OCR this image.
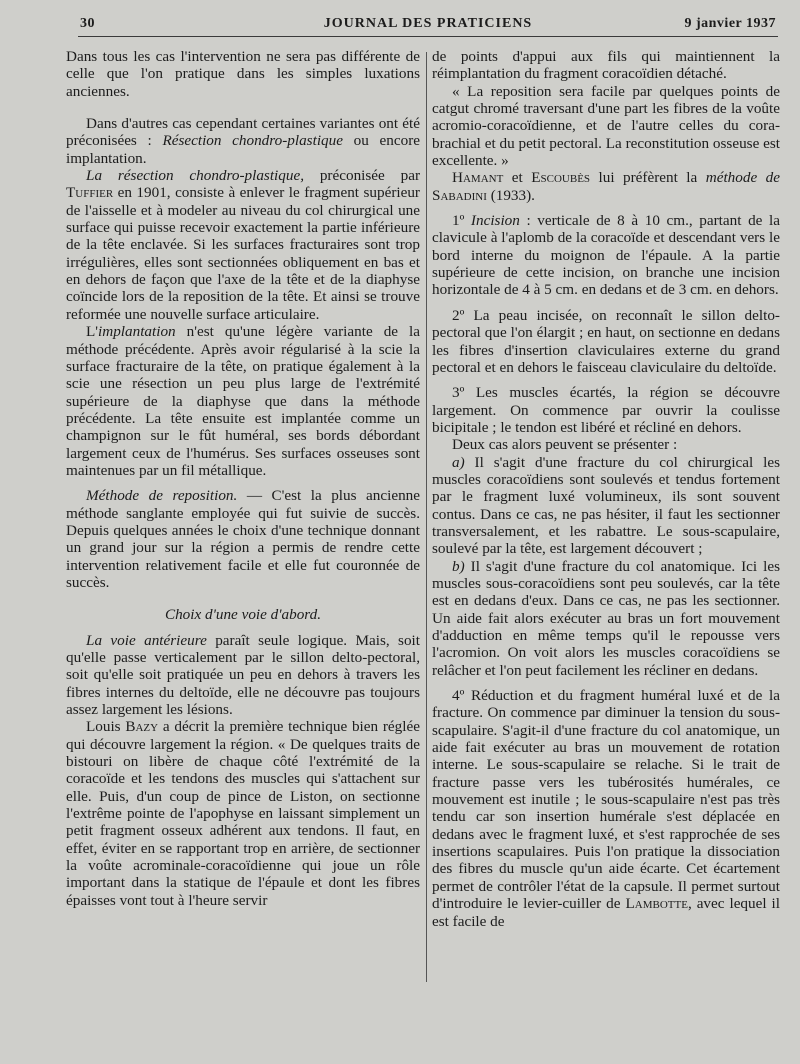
30	JOURNAL DES PRATICIENS	9 janvier 1937

Dans tous les cas l'intervention ne sera pas différente de celle que l'on pratique dans les simples luxations anciennes.

Dans d'autres cas cependant certaines variantes ont été préconisées : Résection chondro-plastique ou encore implantation.

La résection chondro-plastique, préconisée par Tuffier en 1901, consiste à enlever le fragment supérieur de l'aisselle et à modeler au niveau du col chirurgical une surface qui puisse recevoir exactement la partie inférieure de la tête enclavée. Si les surfaces fracturaires sont trop irrégulières, elles sont sectionnées obliquement en bas et en dehors de façon que l'axe de la tête et de la diaphyse coïncide lors de la reposition de la tête. Et ainsi se trouve reformée une nouvelle surface articulaire.

L'implantation n'est qu'une légère variante de la méthode précédente. Après avoir régularisé à la scie la surface fracturaire de la tête, on pratique également à la scie une résection un peu plus large de l'extrémité supérieure de la diaphyse que dans la méthode précédente. La tête ensuite est implantée comme un champignon sur le fût huméral, ses bords débordant largement ceux de l'humérus. Ses surfaces osseuses sont maintenues par un fil métallique.

Méthode de reposition. — C'est la plus ancienne méthode sanglante employée qui fut suivie de succès. Depuis quelques années le choix d'une technique donnant un grand jour sur la région a permis de rendre cette intervention relativement facile et elle fut couronnée de succès.

Choix d'une voie d'abord.

La voie antérieure paraît seule logique. Mais, soit qu'elle passe verticalement par le sillon delto-pectoral, soit qu'elle soit pratiquée un peu en dehors à travers les fibres internes du deltoïde, elle ne découvre pas toujours assez largement les lésions.

Louis Bazy a décrit la première technique bien réglée qui découvre largement la région. « De quelques traits de bistouri on libère de chaque côté l'extrémité de la coracoïde et les tendons des muscles qui s'attachent sur elle. Puis, d'un coup de pince de Liston, on sectionne l'extrême pointe de l'apophyse en laissant simplement un petit fragment osseux adhérent aux tendons. Il faut, en effet, éviter en se rapportant trop en arrière, de sectionner la voûte acrominale-coracoïdienne qui joue un rôle important dans la statique de l'épaule et dont les fibres épaisses vont tout à l'heure servir

de points d'appui aux fils qui maintiennent la réimplantation du fragment coracoïdien détaché.

« La reposition sera facile par quelques points de catgut chromé traversant d'une part les fibres de la voûte acromio-coracoïdienne, et de l'autre celles du cora-brachial et du petit pectoral. La reconstitution osseuse est excellente. »

Hamant et Escoubès lui préfèrent la méthode de Sabadini (1933).

1º Incision : verticale de 8 à 10 cm., partant de la clavicule à l'aplomb de la coracoïde et descendant vers le bord interne du moignon de l'épaule. A la partie supérieure de cette incision, on branche une incision horizontale de 4 à 5 cm. en dedans et de 3 cm. en dehors.

2º La peau incisée, on reconnaît le sillon delto-pectoral que l'on élargit ; en haut, on sectionne en dedans les fibres d'insertion claviculaires externe du grand pectoral et en dehors le faisceau claviculaire du deltoïde.

3º Les muscles écartés, la région se découvre largement. On commence par ouvrir la coulisse bicipitale ; le tendon est libéré et récliné en dehors.

Deux cas alors peuvent se présenter :

a) Il s'agit d'une fracture du col chirurgical les muscles coracoïdiens sont soulevés et tendus fortement par le fragment luxé volumineux, ils sont souvent contus. Dans ce cas, ne pas hésiter, il faut les sectionner transversalement, et les rabattre. Le sous-scapulaire, soulevé par la tête, est largement découvert ;

b) Il s'agit d'une fracture du col anatomique. Ici les muscles sous-coracoïdiens sont peu soulevés, car la tête est en dedans d'eux. Dans ce cas, ne pas les sectionner. Un aide fait alors exécuter au bras un fort mouvement d'adduction en même temps qu'il le repousse vers l'acromion. On voit alors les muscles coracoïdiens se relâcher et l'on peut facilement les récliner en dedans.

4º Réduction et du fragment huméral luxé et de la fracture. On commence par diminuer la tension du sous-scapulaire. S'agit-il d'une fracture du col anatomique, un aide fait exécuter au bras un mouvement de rotation interne. Le sous-scapulaire se relache. Si le trait de fracture passe vers les tubérosités humérales, ce mouvement est inutile ; le sous-scapulaire n'est pas très tendu car son insertion humérale s'est déplacée en dedans avec le fragment luxé, et s'est rapprochée de ses insertions scapulaires. Puis l'on pratique la dissociation des fibres du muscle qu'un aide écarte. Cet écartement permet de contrôler l'état de la capsule. Il permet surtout d'introduire le levier-cuiller de Lambotte, avec lequel il est facile de
